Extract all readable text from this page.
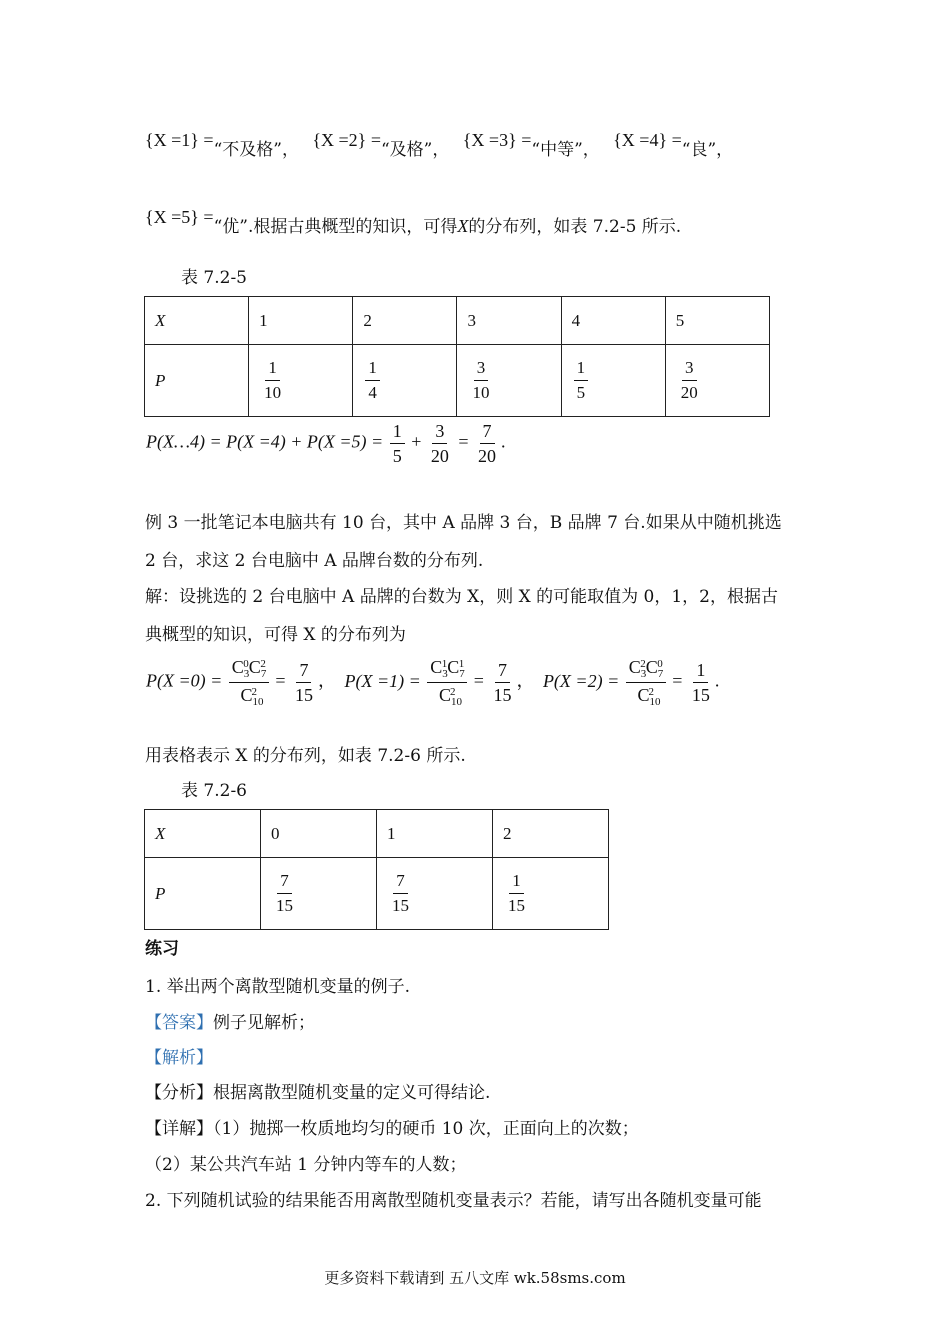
{X =1} =“不及格”， {X =2} =“及格”， {X =3} =“中等”， {X =4} =“良”，
{X =5} =“优”.根据古典概型的知识，可得X的分布列，如表 7.2-5 所示.
表 7.2-5
X	1	2	3	4	5
P	$\frac{1}{10}$	$\frac{1}{4}$	$\frac{3}{10}$	$\frac{1}{5}$	$\frac{3}{20}$
P(X…4) = $P(X =4) + P(X =5) = \frac{1}{5} + \frac{3}{20} = \frac{7}{20}$ .
例 3 一批笔记本电脑共有 10 台，其中 A 品牌 3 台，B 品牌 7 台.如果从中随机挑选
2 台，求这 2 台电脑中 A 品牌台数的分布列.
解：设挑选的 2 台电脑中 A 品牌的台数为 X，则 X 的可能取值为 0，1，2，根据古
典概型的知识，可得 X 的分布列为
$P(X =0) = \frac{C_3^0C_7^2}{C_{10}^2} = \frac{7}{15}$ ， $P(X =1) = \frac{C_3^1C_7^1}{C_{10}^2} = \frac{7}{15}$ ， $P(X =2) = \frac{C_3^2C_7^0}{C_{10}^2} = \frac{1}{15}$ .
用表格表示 X 的分布列，如表 7.2-6 所示.
表 7.2-6
X	0	1	2
P	$\frac{7}{15}$	$\frac{7}{15}$	$\frac{1}{15}$
练习
1. 举出两个离散型随机变量的例子.
【答案】例子见解析；
【解析】
【分析】根据离散型随机变量的定义可得结论.
【详解】（1）抛掷一枚质地均匀的硬币 10 次，正面向上的次数；
（2）某公共汽车站 1 分钟内等车的人数；
2. 下列随机试验的结果能否用离散型随机变量表示？若能，请写出各随机变量可能
更多资料下载请到 五八文库 wk.58sms.com
